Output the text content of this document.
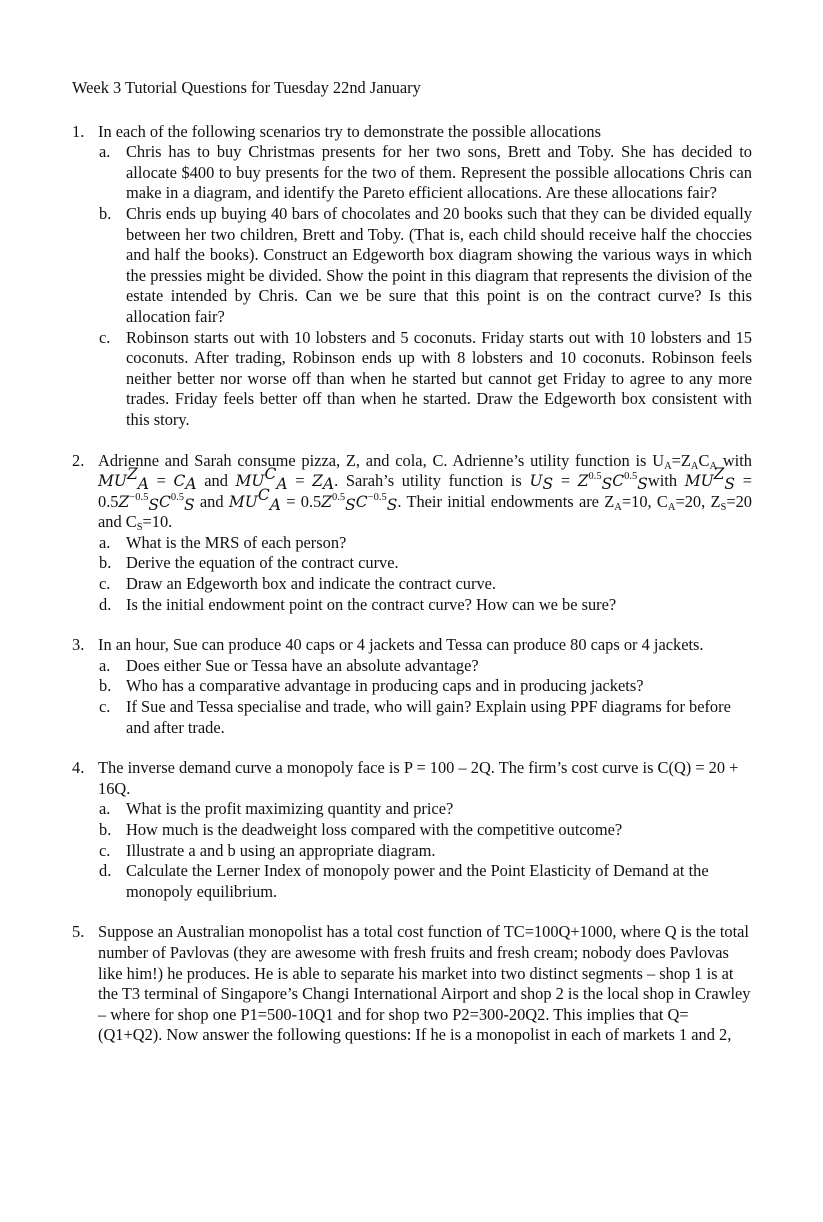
Week 3 Tutorial Questions for Tuesday 22nd January
1. In each of the following scenarios try to demonstrate the possible allocations
a. Chris has to buy Christmas presents for her two sons, Brett and Toby. She has decided to allocate $400 to buy presents for the two of them. Represent the possible allocations Chris can make in a diagram, and identify the Pareto efficient allocations. Are these allocations fair?
b. Chris ends up buying 40 bars of chocolates and 20 books such that they can be divided equally between her two children, Brett and Toby. (That is, each child should receive half the choccies and half the books). Construct an Edgeworth box diagram showing the various ways in which the pressies might be divided. Show the point in this diagram that represents the division of the estate intended by Chris. Can we be sure that this point is on the contract curve? Is this allocation fair?
c. Robinson starts out with 10 lobsters and 5 coconuts. Friday starts out with 10 lobsters and 15 coconuts. After trading, Robinson ends up with 8 lobsters and 10 coconuts. Robinson feels neither better nor worse off than when he started but cannot get Friday to agree to any more trades. Friday feels better off than when he started. Draw the Edgeworth box consistent with this story.
2. Adrienne and Sarah consume pizza, Z, and cola, C. Adrienne’s utility function is $U_A=Z_AC_A$ with $MU^Z_A = C_A$ and $MU^C_A = Z_A$. Sarah’s utility function is $U_S$ = $Z^{0.5}_SC^{0.5}_Swith$ $MU^Z_S = 0.5Z^{-0.5}_SC^{0.5}_S$ and $MU^C_A = 0.5Z^{0.5}_SC^{-0.5}_S$. Their initial endowments are $Z_A=10$, $C_A=20$, $Z_S=20$ and $C_S=10$.
a. What is the MRS of each person?
b. Derive the equation of the contract curve.
c. Draw an Edgeworth box and indicate the contract curve.
d. Is the initial endowment point on the contract curve? How can we be sure?
3. In an hour, Sue can produce 40 caps or 4 jackets and Tessa can produce 80 caps or 4 jackets.
a. Does either Sue or Tessa have an absolute advantage?
b. Who has a comparative advantage in producing caps and in producing jackets?
c. If Sue and Tessa specialise and trade, who will gain? Explain using PPF diagrams for before and after trade.
4. The inverse demand curve a monopoly face is P = 100 – 2Q. The firm’s cost curve is C(Q) = 20 + 16Q.
a. What is the profit maximizing quantity and price?
b. How much is the deadweight loss compared with the competitive outcome?
c. Illustrate a and b using an appropriate diagram.
d. Calculate the Lerner Index of monopoly power and the Point Elasticity of Demand at the monopoly equilibrium.
5. Suppose an Australian monopolist has a total cost function of TC=100Q+1000, where Q is the total number of Pavlovas (they are awesome with fresh fruits and fresh cream; nobody does Pavlovas like him!) he produces. He is able to separate his market into two distinct segments – shop 1 is at the T3 terminal of Singapore’s Changi International Airport and shop 2 is the local shop in Crawley – where for shop one P1=500-10Q1 and for shop two P2=300-20Q2. This implies that Q=(Q1+Q2). Now answer the following questions: If he is a monopolist in each of markets 1 and 2,
